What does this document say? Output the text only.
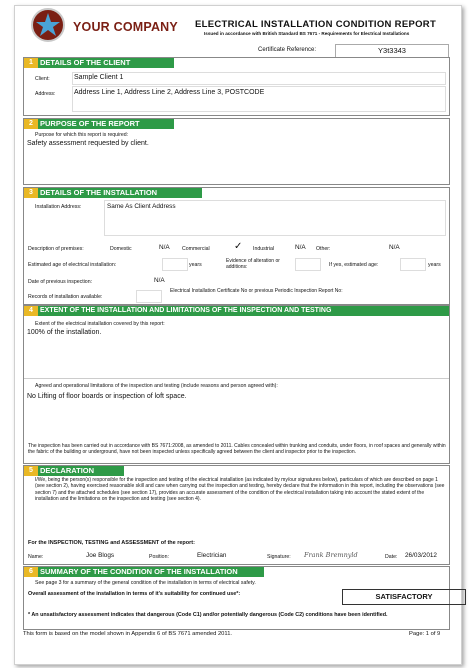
YOUR COMPANY ELECTRICAL INSTALLATION CONDITION REPORT
Issued in accordance with British Standard BS 7671 - Requirements for Electrical Installations
Certificate Reference:	Y3t3343
1 DETAILS OF THE CLIENT
Client:	Sample Client 1
Address:	Address Line 1, Address Line 2, Address Line 3, POSTCODE
2 PURPOSE OF THE REPORT
Purpose for which this report is required:
Safety assessment requested by client.
3 DETAILS OF THE INSTALLATION
Installation Address:	Same As Client Address
Description of premises:	Domestic	N/A Commercial ✓ Industrial	N/A Other:	N/A
Estimated age of electrical installation:	years
Evidence of alteration or additions:	If yes, estimated age:	years
Date of previous inspection:	N/A
Records of installation available:
Electrical Installation Certificate No or previous Periodic Inspection Report No:
4	EXTENT OF THE INSTALLATION AND LIMITATIONS OF THE INSPECTION AND TESTING
Extent of the electrical installation covered by this report:
100% of the installation.
Agreed and operational limitations of the inspection and testing (include reasons and person agreed with):
No Lifting of floor boards or inspection of loft space.
The inspection has been carried out in accordance with BS 7671:2008, as amended to 2011. Cables concealed within trunking and conduits, under floors, in roof spaces and generally within the fabric of the building or underground, have not been inspected unless specifically agreed between the client and inspector prior to the inspection.
5 DECLARATION
I/We, being the person(s) responsible for the inspection and testing of the electrical installation (as indicated by my/our signatures below), particulars of which are described on page 1 (see section 2), having exercised reasonable skill and care when carrying out the inspection and testing, hereby declare that the information in this report, including the observations (see section 7) and the attached schedules (see section 17), provides an accurate assessment of the condition of the electrical installation taking into account the stated extent of the installation and the limitations on the inspection and testing (see section 4).
For the INSPECTION, TESTING and ASSESSMENT of the report:
Name:	Joe Blogs	Position:	Electrician	Signature: Frank Bremnyld	Date: 26/03/2012
6 SUMMARY OF THE CONDITION OF THE INSTALLATION
See page 3 for a summary of the general condition of the installation in terms of electrical safety.
Overall assessment of the installation in terms of it's suitability for continued use*:	SATISFACTORY
* An unsatisfactory assessment indicates that dangerous (Code C1) and/or potentially dangerous (Code C2) conditions have been identified.
This form is based on the model shown in Appendix 6 of BS 7671 amended 2011.	Page: 1 of 9
